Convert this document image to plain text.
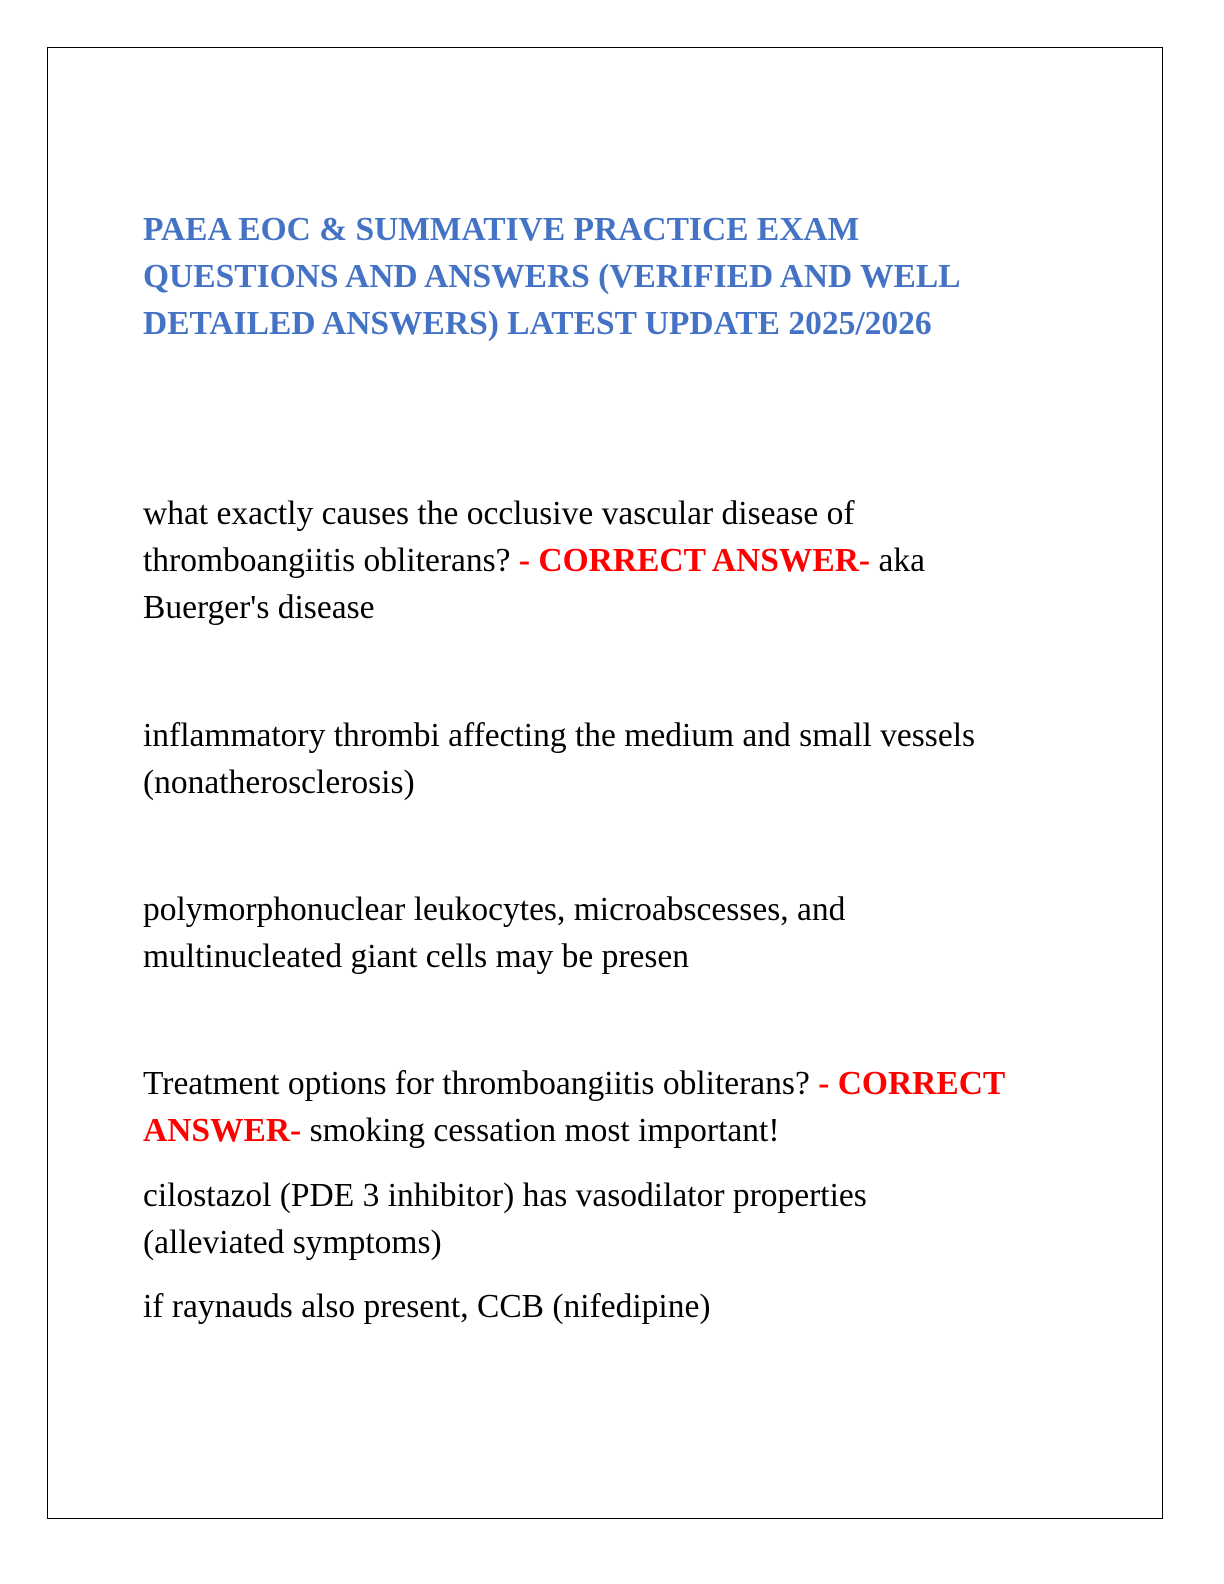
PAEA EOC & SUMMATIVE PRACTICE EXAM
QUESTIONS AND ANSWERS (VERIFIED AND WELL
DETAILED ANSWERS) LATEST UPDATE 2025/2026
what exactly causes the occlusive vascular disease of
thromboangiitis obliterans? - CORRECT ANSWER- aka
Buerger's disease
inflammatory thrombi affecting the medium and small vessels
(nonatherosclerosis)
polymorphonuclear leukocytes, microabscesses, and
multinucleated giant cells may be presen
Treatment options for thromboangiitis obliterans? - CORRECT
ANSWER- smoking cessation most important!
cilostazol (PDE 3 inhibitor) has vasodilator properties
(alleviated symptoms)
if raynauds also present, CCB (nifedipine)
